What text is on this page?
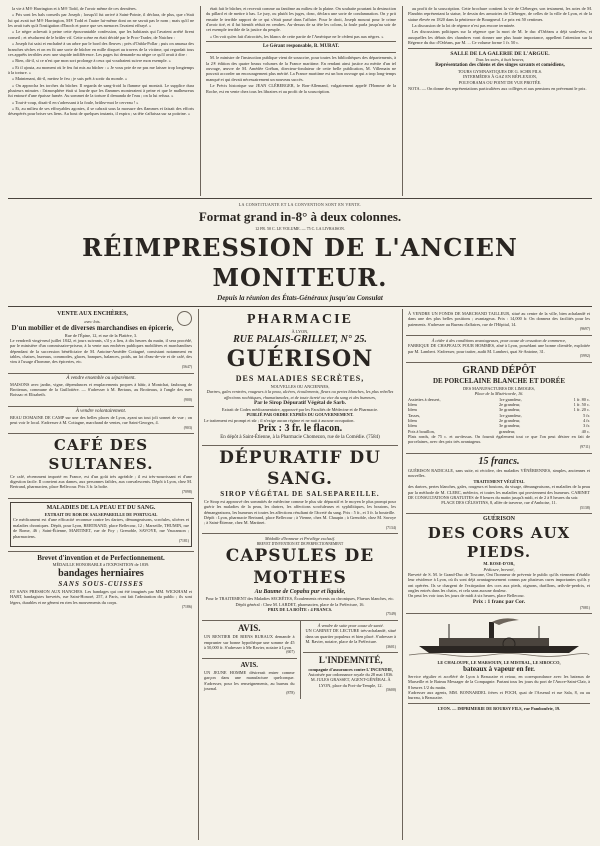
la vie à M® Harrington et à M® Todd, de l'avoir même de ces dernières.

« Pris sont les bals conseils par Joseph ; lorsqu'il fut arrivé à Saint-Pointe, il déclara, de plus, que c'était lui qui avait tué M® Harrington, M® Todd et l'autre lui-même dont on ne savait pas le nom ; mais qu'il ne les avait tués qu'à l'instigation d'Enoch et parce que ses menaces l'avaient effrayé. »

« Le nègre achevait à peine cette épouvantable confession, que les habitants qui l'avaient arrêté firent conseil ; et résolurent de le brûler vif. Cette scène en était décidé par le Proc-Trader, de Natchez :

« Joseph fut saisi et enchaîné à un arbre par le bord des fleuves ; près d'Oabla-Pollar ; puis on amassa des branches sèches et on en fit une sorte de bûcher en mille disquet au travers de la victime, qui regardait tous ces apprêts terribles avec une stupide indifférence. Les pages fut demande-au nègre ce qu'il avait à dire :

« Rien, dit-il, si ce n'est que mon sort prolonge à ceux qui voudraient suivre mon exemple. »

« Et il ajouta, au moment où le feu fut mis au bûcher : « Je vous prie de ne pas me laisser trop longtemps à la torture. »

« Maintenant, dit-il, mettez le feu ; je suis prêt à sortir du monde. »

« On approcha les torches du bûcher. Il regarda de sang-froid la flamme qui montait. Le supplice dura plusieurs minutes : l'atmosphère était si lourde que les flammes monteraient à peine et que le malheureux fut entouré d'une épaisse fumée. Au sommet de la torture il demanda de l'eau ; on la lui refusa. »

« Tout-à-coup, disait-il en s'adressant à la foule, brûlez-moi le cerveau ! »

« Et, au milieu de ses effroyables agonies, il se cabrait sous la morsure des flammes et faisait des efforts désespérés pour briser ses liens. Au bout de quelques instants, il expira ; sa tête s'affaissa sur sa poitrine. »

était fait le bûcher, et recevait comme au fantôme au milieu de la plaine. On souhaite pourtant la destruction du pillard et de mettre à bas. Le jury, ou plutôt les juges, donc, déclara une sorte de condamnation. On y prit ensuite le terrible rapport de ce qui s'était passé dans l'affaire. Pour le droit, Joseph mourut pour le crime d'avoir tiré, et il fut bientôt réduit en cendres. Au-dessus de sa tête les colons, la foule parla jusqu'au soir de cet exemple terrible de la justice du peuple.

« On voit qu'en fait d'atrocités, les blancs de cette partie de l'Amérique ne le cèdent pas aux nègres. »

Le Gérant responsable, B. MURAT.

M. le ministre de l'instruction publique vient de souscrire, pour toutes les bibliothèques des départements, à la 2® édition des quatre beaux volumes de la France maritime. En rendant ainsi justice au mérite d'un tel ouvrage, œuvre de M. Amédée Gréhan, directeur-fondateur de cette belle publication, M. Villemain ne pouvait accorder un encouragement plus mérité. La France maritime est un bon ouvrage qui a trop long-temps manqué et qui devait nécessairement un nouveau succès.

Le Précis historique sur JEAN CLÉBERGER, le Bon-Allemand, vulgairement appelé l'Homme de la Roche, est en vente chez tous les libraires et au profit de la souscription.

au profit de la souscription. Cette brochure contient la vie de Cléberger, son testament, les actes de M. Flandrin représentant la statue, le dessin des armoiries de Cléberger, de celles de la ville de Lyon, et de la statue élevée en 1820 dans la pénitence de Bourgneuf. Le prix est 50 centimes.

La discussion de la loi de régence n'est pas encore terminée.

Les discussions politiques sur la régence que la mort de M. le duc d'Orléans a déjà soulevées, et auxquelles les débats des chambres vont donner une plus haute importance, appellent l'attention sur la Régence du duc d'Orléans, par M. ... Ce volume forme 1 fr. 50 c.

SALLE DE LA GALERIE DE L'ARGUE.
Tous les soirs, à huit heures,
Représentation des chiens et des singes savants et comédiens,
TOURS GYMNASTIQUES DE G. SCHR FILS.
INTERMÈDES À GAZ EN RÉFLEXION,
POLYORAMA OU POINT DE VUE PROTÉE.
NOTA. — On donne des représentations particulières aux collèges et aux pensions en prévenant le prix.
LA CONSTITUANTE ET LA CONVENTION SONT EN VENTE.
Format grand in-8° à deux colonnes.
12 FR. 50 C. LE VOLUME. — 75 C. LA LIVRAISON.
RÉIMPRESSION DE L'ANCIEN MONITEUR.
Depuis la réunion des États-Généraux jusqu'au Consulat
VENTE AUX ENCHÈRES,
avec lots.
D'un mobilier et de diverses marchandises en épicerie,
Rue de l'Épine, 12, et rue de la Platière, 3.
Le vendredi vingt-neuf juillet 1842, et jours suivants, s'il y a lieu, à dix heures du matin, il sera procédé, par le ministère d'un commissaire-priseur, à la vente aux enchères publiques mobilières et marchandises dépendant de la succession bénéficiaire de M. Antoine-Amédée Cottagné, consistant notamment en tables, chaises, bureaux, commodes, glaces, banques, balances, poids, un lot d'eau-de-vie et de café, des vins à l'usage d'homme, des épiceries, etc.
(5647)
À vendre ensemble ou séparément.
MAISONS avec jardin, vigne, dépendances et emplacements propres à bâtir, à Montchat, faubourg de Brotteaux, commune de la Guillotière. — S'adresser à M. Bertaux, au Brotteaux, à l'angle des rues Boissac et Elisabeth.
(900)
À vendre volontairement.
BEAU DOMAINE DE CAMP sur une des belles places de Lyon, ayant un tout joli sonnet de vue ; on peut voir le local. S'adresser à M. Cottagne, marchand de ventes, rue Saint-Georges, 4.
(903)
CAFÉ DES SULTANES.
Ce café, récemment importé en France, est d'un goût très agréable ; il est très-nourrissant et d'une digestion facile. Il convient aux dames, aux personnes faibles, aux convalescents. Dépôt à Lyon, chez M. Bertrand, pharmacien, place Bellecour. Prix 3 fr. la boîte.
(7098)
MALADIES DE LA PEAU ET DU SANG.
EXTRAIT DU ROB DE SALSEPAREILLE DE PORTUGAL
Ce médicament est d'une efficacité reconnue contre les dartres, démangeaisons, scrofules, ulcères et maladies chroniques. Dépôt, pour Lyon, BERTRAND, place Bellecour, 12 ; Marseille, THUMIN, rue de Rome, 46 ; Saint-Étienne, MARTINET, rue de Foy ; Grenoble, SAVOYE, rue Vaucanson ; pharmaciens.
(7181)
Brevet d'invention et de Perfectionnement.
MÉDAILLE HONORABLE à l'EXPOSITION de 1839.
bandages herniaires
SANS SOUS-CUISSES
ET SANS PRESSION AUX HANCHES. Les bandages qui ont été imaginés par MM. WICKHAM et HART, bandagistes brevetés, rue Saint-Honoré, 257, à Paris, ont fait l'admiration du public ; ils sont légers, durables et ne gênent en rien les mouvements du corps.
(7186)
PHARMACIE
À LYON,
RUE PALAIS-GRILLET, N° 25.
GUÉRISON
DES MALADIES SECRÈTES,
NOUVELLES OU ANCIENNES,
Dartres, gales rentrées, rougeurs à la peau, ulcères, écoulements, fleurs ou pertes blanches, les plus rebelles affections rachitiques, rhumatismales, et de toute âcreté ou vice du sang et des humeurs,
Par le Sirop Dépuratif Végétal de Sarb.
Extrait de Codex médicamentaire, approuvé par les Facultés de Médecine et de Pharmacie.
PUBLIÉ PAR ORDRE EXPRÈS DU GOUVERNEMENT.
Le traitement est prompt et sûr ; il n'exige aucun régime et ne nuit à aucune occupation.
Prix : 3 fr. le flacon.
En dépôt à Saint-Étienne, à la Pharmacie Chomezon, rue de la Comédie. (7584)
DÉPURATIF DU SANG.
SIROP VÉGÉTAL DE SALSEPAREILLE.
Ce Sirop est approuvé des sommités de médecine comme le plus sûr dépuratif et le moyen le plus prompt pour guérir les maladies de la peau, les dartres, les affections scrofuleuses et syphilitiques, les boutons, les démangeaisons, les humeurs et toutes les affections résultant de l'âcreté du sang. Prix : 5 fr., et 3 fr. la bouteille.
Dépôt : Lyon, pharmacie Bertrand, place Bellecour ; à Vienne, chez M. Chaupin ; à Grenoble, chez M. Savoye ; à Saint-Étienne, chez M. Martinet.
(7134)
Médaille d'honneur et Privilège exclusif.
BREVET D'INVENTION ET DE PERFECTIONNEMENT
CAPSULES DE MOTHES
Au Baume de Copahu pur et liquide,
Pour le TRAITEMENT des Maladies SECRÈTES, Écoulements récents ou chroniques, Flueurs blanches, etc.
Dépôt général : Chez M. LARDET, pharmacien, place de la Préfecture, 16.
PRIX DE LA BOÎTE : 4 FRANCS.
(7549)
AVIS.
UN RENTIER DE BIENS RURAUX demande à emprunter sur bonne hypothèque une somme de 45 à 50,000 fr. S'adresser à Me Ravier, notaire à Lyon.
(607)
AVIS.
UN JEUNE HOMME désirerait entrer comme garçon dans une manufacture quelconque. S'adresser, pour les renseignements, au bureau du journal.
(878)
À vendre de suite pour cause de santé.
UN CABINET DE LECTURE très-achalandé, situé dans un quartier populeux et bien placé. S'adresser à M. Ravier, notaire, place de la Préfecture.
(3601)
L'INDEMNITÉ,
compagnie d'assurances contre L'INCENDIE,
Autorisée par ordonnance royale du 28 mai 1836.
M. JULES GRASSET, AGENT-GÉNÉRAL À LYON, place du Port-du-Temple, 12.
(5600)
À VENDRE UN FONDS DE MARCHAND TAILLEUR, situé au centre de la ville, bien achalandé et dans une des plus belles positions ; avantageux. Prix : 14,000 fr. On donnera des facilités pour les paiements. S'adresser au Bureau d'affaires, rue de l'Hôpital, 14.
(9697)
À céder à des conditions avantageuses, pour cause de cessation de commerce,
FABRIQUE DE CHAPEAUX POUR HOMMES, aîné à Lyon, possédant une bonne clientèle, exploitée par M. Lambert. S'adresser, pour traiter, audit M. Lambert, quai St-Antoine, 31.
(5992)
GRAND DÉPÔT
DE PORCELAINE BLANCHE ET DORÉE
DES MANUFACTURES DE LIMOGES,
Place de la Miséricorde, 16.
Assiettes à dessert,	1re grandeur,	1 fr. 80 c.
Idem	2e grandeur,	1 fr. 50 c.
Idem	3e grandeur,	1 fr. 20 c.
Tasses,	1re grandeur,	5 fr.
Idem	2e grandeur,	4 fr.
Idem	3e grandeur,	3 fr.
Pots à bouillon,	grandeur,	40 c.
Plats ronds, de 75 c. et au-dessus. On fournit également tout ce que l'on peut désirer en fait de porcelaines, avec des prix très avantageux.
(9711)
15 francs.
GUÉRISON RADICALE, sans suite, ni récidive, des maladies VÉNÉRIENNES, simples, anciennes et nouvelles.
TRAITEMENT VÉGÉTAL
des dartres, pertes blanches, gales, rougeurs et boutons, du visage, démangeaisons, et maladies de la peau par la méthode de M. CLERC, médecin, et toutes les maladies qui proviennent des humeurs. CABINET DE CONSULTATIONS GRATUITES de 8 heures du matin jusqu'à midi, et de 2 à 8 heures du soir.
PLACE DES CÉLESTINS, 8, allée de traverse, rue d'Amboise, 11.
(5138)
GUÉRISON
DES CORS AUX PIEDS.
M. ROSE-D'OR,
Pédicure, breveté,
Breveté de S. M. le Grand-Duc de Toscane, Ont l'honneur de prévenir le public qu'ils viennent d'établir leur résidence à Lyon, où ils sont déjà avantageusement connus par plusieurs cures importantes qu'ils y ont opérées. Ils se chargent de l'extirpation des cors aux pieds, oignons, durillons, œils-de-perdrix, et ongles entrés dans les chairs, et cela sans aucune douleur.
On peut les voir tous les jours de midi à six heures, place Bellecour.
Prix : 1 franc par Cor.
(7081)
LE CHALOUPE, LE MARSOUIN, LE MISTRAL, LE SIROCCO,
bateaux à vapeur en fer.
Service régulier et accéléré de Lyon à Beaucaire et retour, en correspondance avec les bateaux de Marseille et le Bateau Messager de la Compagnie. Partant tous les jours du port de l'Ancre-Saint-Clair, à 8 heures 1/2 du matin.
S'adresser aux agents, MM. BONNARDEL frères et FOCH, quai de l'Arsenal et rue Sala, 8, ou au bureau, à Beaucaire.
LYON. — IMPRIMERIE DE BOURSY FILS, rue Pamboufrie, 19.
